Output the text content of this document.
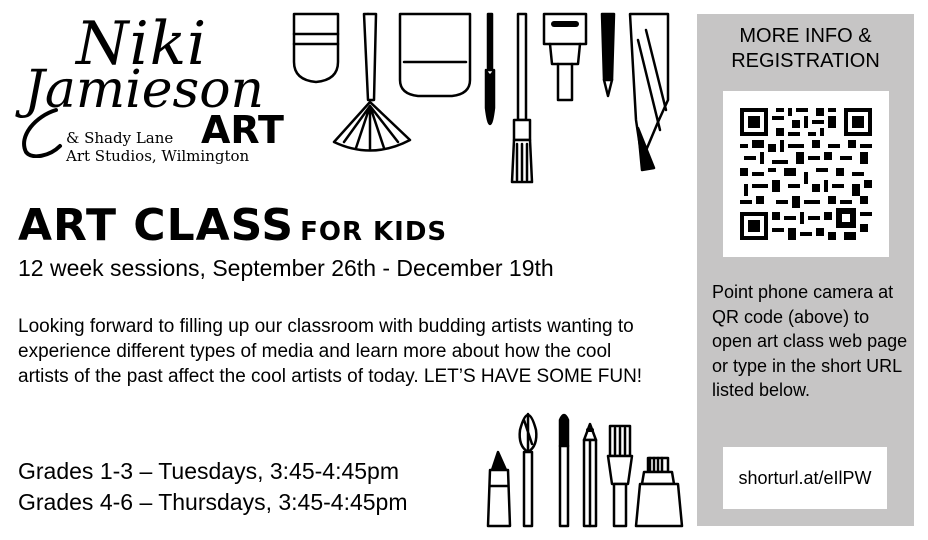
Niki
Jamieson
& Shady Lane
Art Studios, Wilmington
ART
ART CLASS FOR KIDS
12 week sessions, September 26th - December 19th
Looking forward to filling up our classroom with budding artists wanting to experience different types of media and learn more about how the cool artists of the past affect the cool artists of today. LET’S HAVE SOME FUN!
Grades 1-3 – Tuesdays, 3:45-4:45pm
Grades 4-6 – Thursdays, 3:45-4:45pm
MORE INFO & REGISTRATION
Point phone camera at QR code (above) to open art class web page or type in the short URL listed below.
shorturl.at/eIlPW
